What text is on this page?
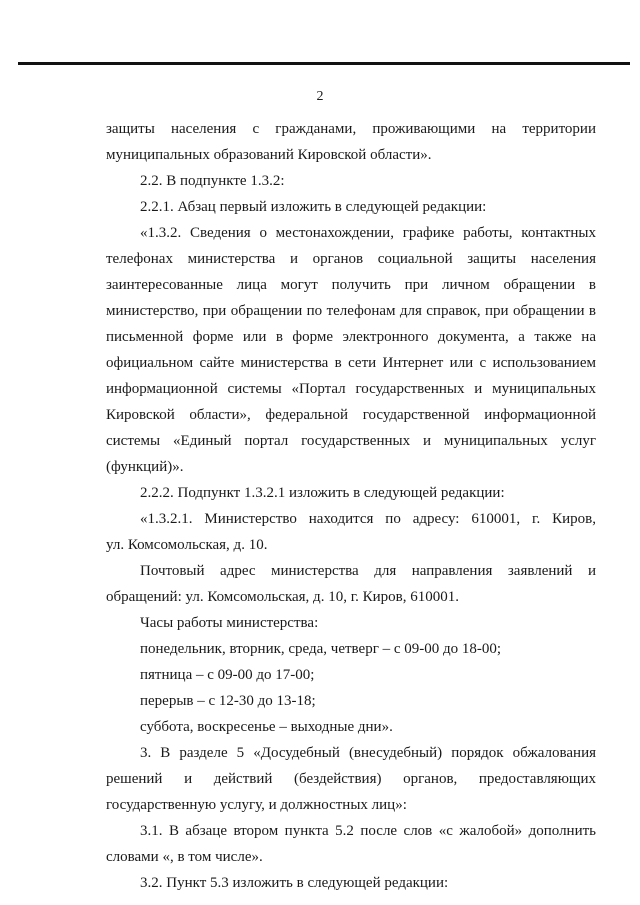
2
защиты населения с гражданами, проживающими на территории
муниципальных образований Кировской области».
2.2. В подпункте 1.3.2:
2.2.1. Абзац первый изложить в следующей редакции:
«1.3.2. Сведения о местонахождении, графике работы, контактных
телефонах министерства и органов социальной защиты населения
заинтересованные лица могут получить при личном обращении в
министерство, при обращении по телефонам для справок, при обращении в
письменной форме или в форме электронного документа, а также на
официальном сайте министерства в сети Интернет или с использованием
информационной системы «Портал государственных и муниципальных
Кировской области», федеральной государственной информационной
системы «Единый портал государственных и муниципальных услуг
(функций)».
2.2.2. Подпункт 1.3.2.1 изложить в следующей редакции:
«1.3.2.1. Министерство находится по адресу: 610001, г. Киров,
ул. Комсомольская, д. 10.
Почтовый адрес министерства для направления заявлений и
обращений: ул. Комсомольская, д. 10, г. Киров, 610001.
Часы работы министерства:
понедельник, вторник, среда, четверг – с 09-00 до 18-00;
пятница – с 09-00 до 17-00;
перерыв – с 12-30 до 13-18;
суббота, воскресенье – выходные дни».
3. В разделе 5 «Досудебный (внесудебный) порядок обжалования
решений и действий (бездействия) органов, предоставляющих
государственную услугу, и должностных лиц»:
3.1. В абзаце втором пункта 5.2 после слов «с жалобой» дополнить
словами «, в том числе».
3.2. Пункт 5.3 изложить в следующей редакции:
